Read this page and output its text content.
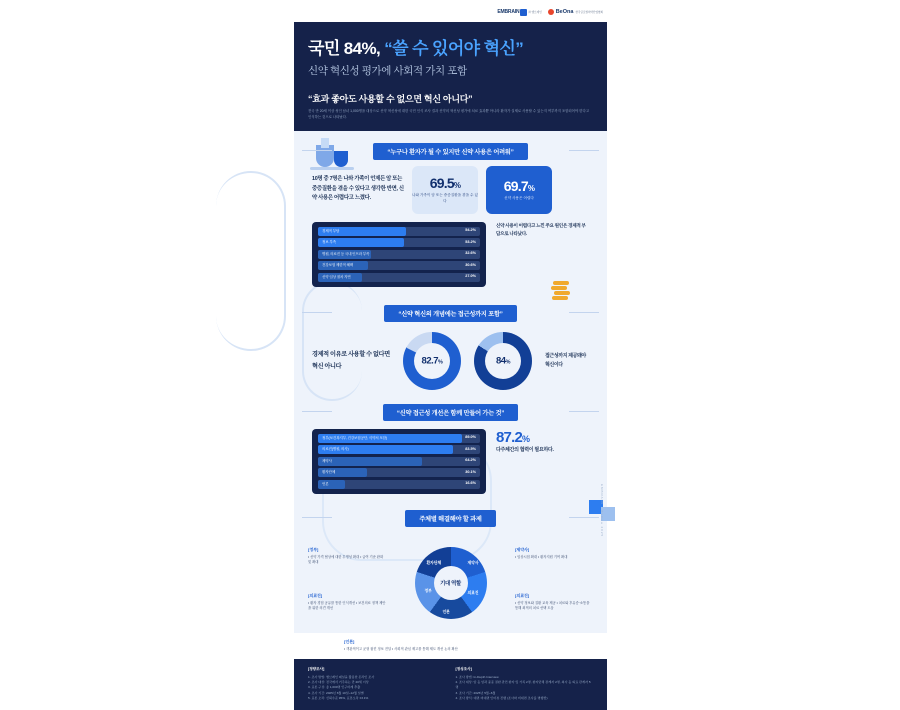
EMBRAIN	㈜ 엠브레인	BeOna 한국글로벌의약산업협회
국민 84%, “쓸 수 있어야 혁신”
신약 혁신성 평가에 사회적 가치 포함
“효과 좋아도 사용할 수 없으면 혁신 아니다”
전국 만 20세 이상 성인 남녀 1,000명을 대상으로 신약 혁신성에 대한 국민 인식 조사 결과 신약의 혁신성 평가에 치료 효과뿐 아니라 환자가 실제로 사용할 수 있는지 여부까지 포함되어야 한다고 인식하는 것으로 나타났다.
“누구나 환자가 될 수 있지만 신약 사용은 어려워”
10명 중 7명은 나와 가족이 언제든 암 또는 중증질환을 겪을 수 있다고 생각한 반면, 신약 사용은 어렵다고 느꼈다.
69.5%
나와 가족이 암 또는 중증질환을 겪을 수 있다
69.7%
신약 사용은 어렵다
경제적 부담	54.2%
정보 부족	53.2%
병원, 의료진 등 국내 인프라 부족	32.6%
건강보험 제한적 혜택	30.6%
신약 임상 절차 지연	27.0%
신약 사용이 어렵다고 느낀 주요 원인은 경제적 부담으로 나타났다.
“신약 혁신의 개념에는 접근성까지 포함”
경제적 이유로 사용할 수 없다면 혁신 아니다	82.7%	84%
접근성까지 제공돼야 혁신이다
“신약 접근성 개선은 함께 만들어 가는 것”
정부(보건복지부, 건강보험공단, 식약처 포함)	89.0%
의료진(병원, 의사)	83.5%
제약사	64.2%
환자단체	30.1%
언론	16.6%
87.2%
다주체간의 협력이 필요하다.
주체별 해결해야 할 과제
기대 역할
정부
제약사
의료진
언론
환자단체
[정부]
• 신약 가격 협상에 대한 투명성 확대 • 급여 기준 완화 및 확대
[제약사]
• 임상시험 확대 • 환자지원 기여 확대
[의료진]
• 환자 경험 공유를 통한 인식개선 • 보건의료 정책 제안을 위한 의견 개선
[의료진]
• 신약 정보와 질환 교육 제공 • 치료와 후유증·소통을 통해 최적의 치료 선택 도움
[언론]
• 객관적이고 균형 잡힌 정보 전달 • 사회적 관심 제고를 통해 제도 개선 논의 확산
EMBRAIN · BeOna 2025
[정량조사]
1. 조사 방법: 엠브레인 패널을 활용한 온라인 조사
2. 조사 대상: 전국에서 거주하는 만 20세 이상
3. 표본 구성: 총 1,000명 인구비례 추출
4. 조사 기간: 2025년 6월 10일~12월 일별
5. 표본 오차: 신뢰수준 95%, 표본오차 ±3.1%
[정성조사]
1. 조사 방법: In-Depth Interview
2. 조사 대상: 암 등 암과 중증 질환 관련 환자 및 가족 2명, 환자단체 관계자 2명, 의사 등 의료 관계자 5명
3. 조사 기간: 2025년 5월~6월
4. 조사 방식: 대면·비대면 인터뷰 진행 (조사와 비대면 조사를 병행함)
